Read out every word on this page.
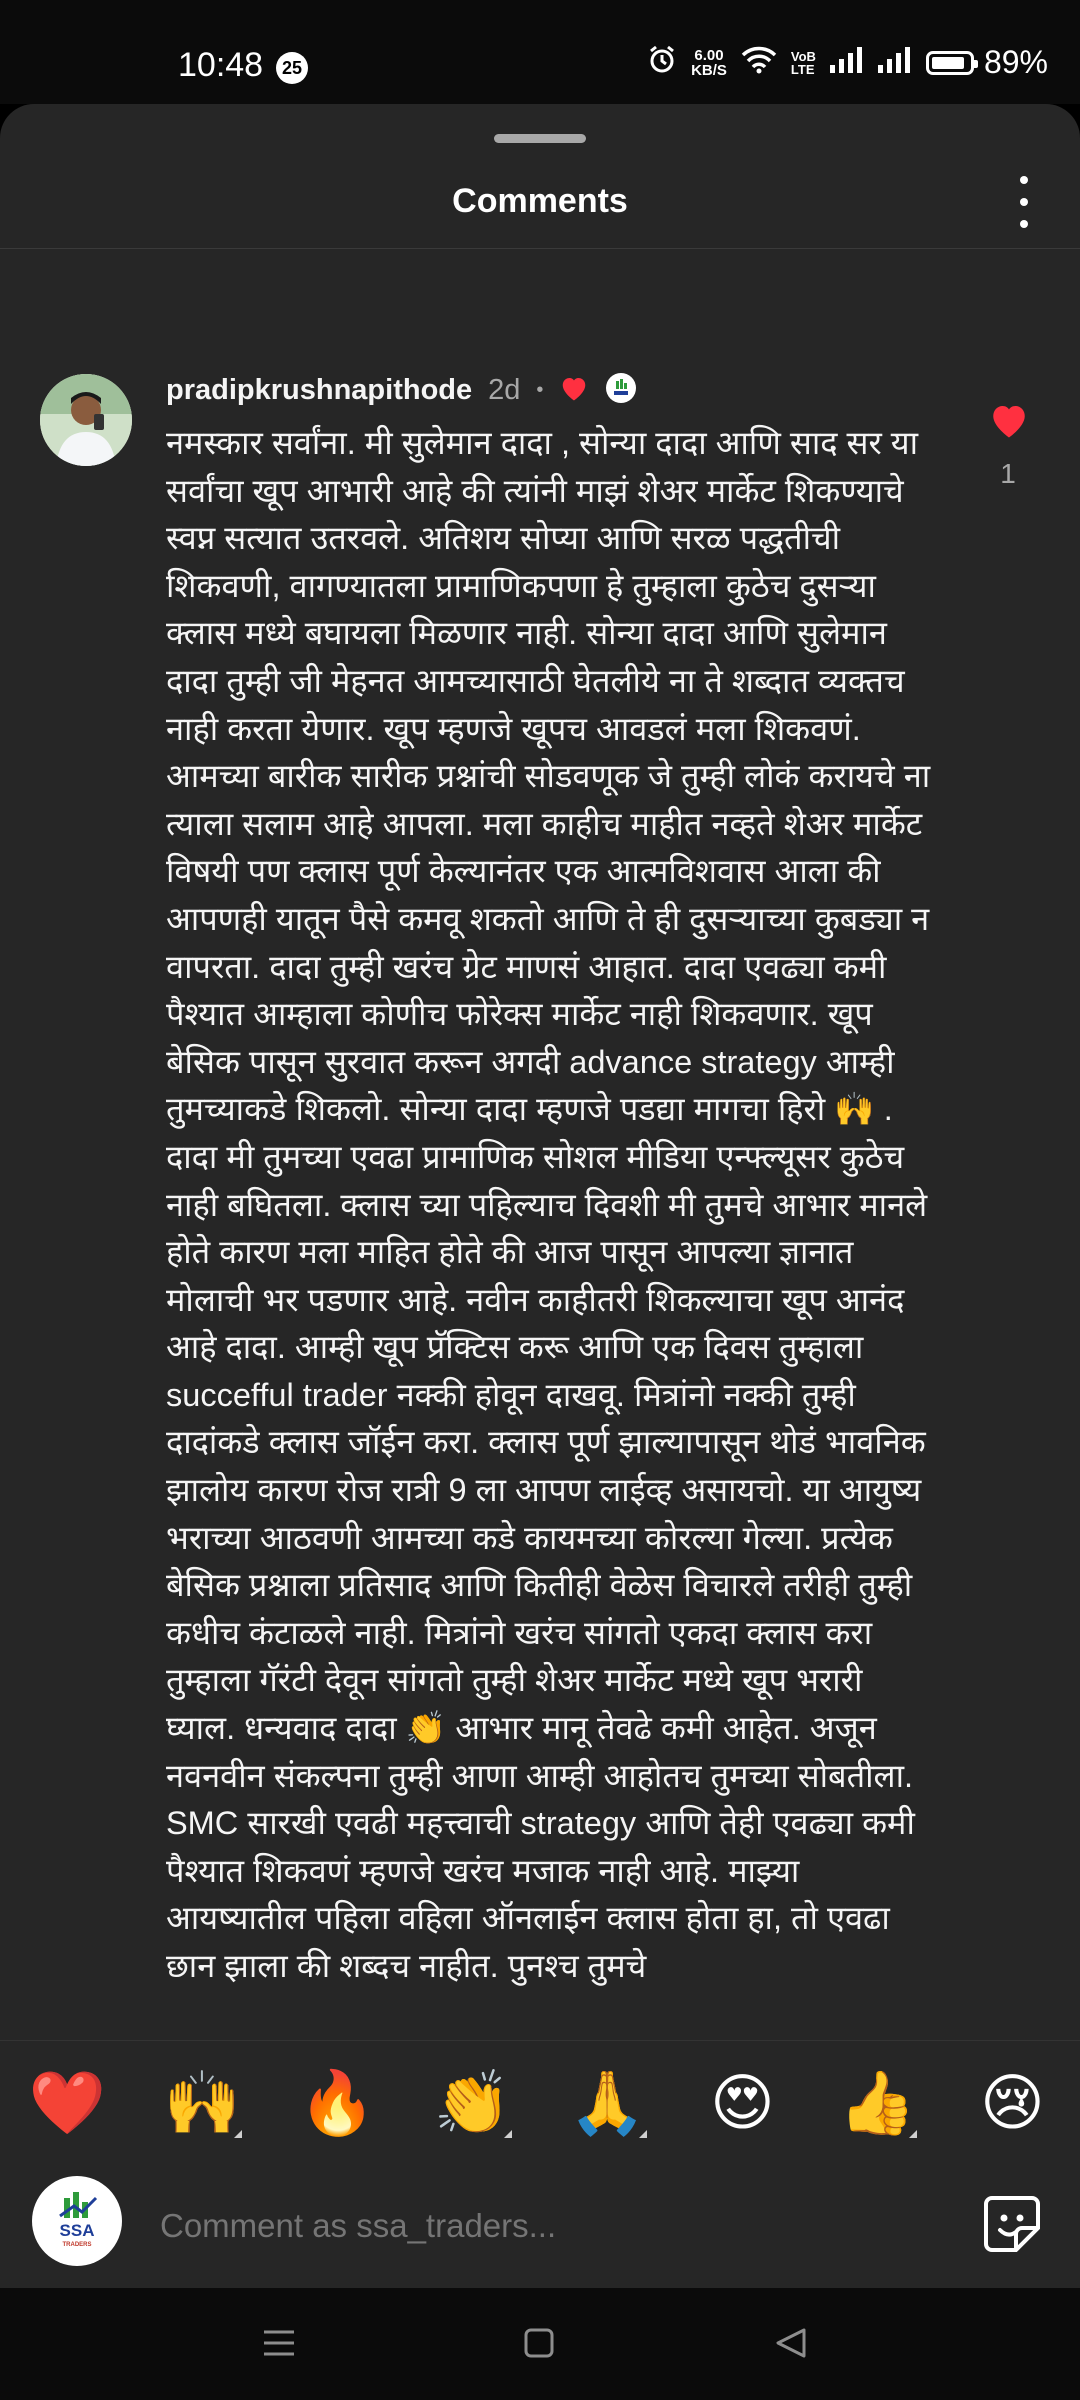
10:48	25
6.00
KB/S
VoB
LTE	89%
Comments
pradipkrushnapithode 2d •
नमस्कार सर्वांना. मी सुलेमान दादा , सोन्या दादा आणि साद सर या सर्वांचा खूप आभारी आहे की त्यांनी माझं शेअर मार्केट शिकण्याचे स्वप्न सत्यात उतरवले. अतिशय सोप्या आणि सरळ पद्धतीची शिकवणी, वागण्यातला प्रामाणिकपणा हे तुम्हाला कुठेच दुसऱ्या क्लास मध्ये बघायला मिळणार नाही. सोन्या दादा आणि सुलेमान दादा तुम्ही जी मेहनत आमच्यासाठी घेतलीये ना ते शब्दात व्यक्तच नाही करता येणार. खूप म्हणजे खूपच आवडलं मला शिकवणं. आमच्या बारीक सारीक प्रश्नांची सोडवणूक जे तुम्ही लोकं करायचे ना त्याला सलाम आहे आपला. मला काहीच माहीत नव्हते शेअर मार्केट विषयी पण क्लास पूर्ण केल्यानंतर एक आत्मविशवास आला की आपणही यातून पैसे कमवू शकतो आणि ते ही दुसऱ्याच्या कुबड्या न वापरता. दादा तुम्ही खरंच ग्रेट माणसं आहात. दादा एवढ्या कमी पैश्यात आम्हाला कोणीच फोरेक्स मार्केट नाही शिकवणार. खूप बेसिक पासून सुरवात करून अगदी advance strategy आम्ही तुमच्याकडे शिकलो. सोन्या दादा म्हणजे पडद्या मागचा हिरो 🙌 . दादा मी तुमच्या एवढा प्रामाणिक सोशल मीडिया एन्फ्ल्यूसर कुठेच नाही बघितला. क्लास च्या पहिल्याच दिवशी मी तुमचे आभार मानले होते कारण मला माहित होते की आज पासून आपल्या ज्ञानात मोलाची भर पडणार आहे. नवीन काहीतरी शिकल्याचा खूप आनंद आहे दादा. आम्ही खूप प्रॅक्टिस करू आणि एक दिवस तुम्हाला succefful trader नक्की होवून दाखवू. मित्रांनो नक्की तुम्ही दादांकडे क्लास जॉईन करा. क्लास पूर्ण झाल्यापासून थोडं भावनिक झालोय कारण रोज रात्री 9 ला आपण लाईव्ह असायचो. या आयुष्य भराच्या आठवणी आमच्या कडे कायमच्या कोरल्या गेल्या. प्रत्येक बेसिक प्रश्नाला प्रतिसाद आणि कितीही वेळेस विचारले तरीही तुम्ही कधीच कंटाळले नाही. मित्रांनो खरंच सांगतो एकदा क्लास करा तुम्हाला गॅरंटी देवून सांगतो तुम्ही शेअर मार्केट मध्ये खूप भरारी घ्याल. धन्यवाद दादा 👏 आभार मानू तेवढे कमी आहेत. अजून नवनवीन संकल्पना तुम्ही आणा आम्ही आहोतच तुमच्या सोबतीला. SMC सारखी एवढी महत्त्वाची strategy आणि तेही एवढ्या कमी पैश्यात शिकवणं म्हणजे खरंच मजाक नाही आहे. माझ्या आयष्यातील पहिला वहिला ऑनलाईन क्लास होता हा, तो एवढा छान झाला की शब्दच नाहीत. पुनश्च तुमचे
1
❤️ 🙌 🔥 👏 🙏 😍 👍 😢
SSA
TRADERS
Comment as ssa_traders...
